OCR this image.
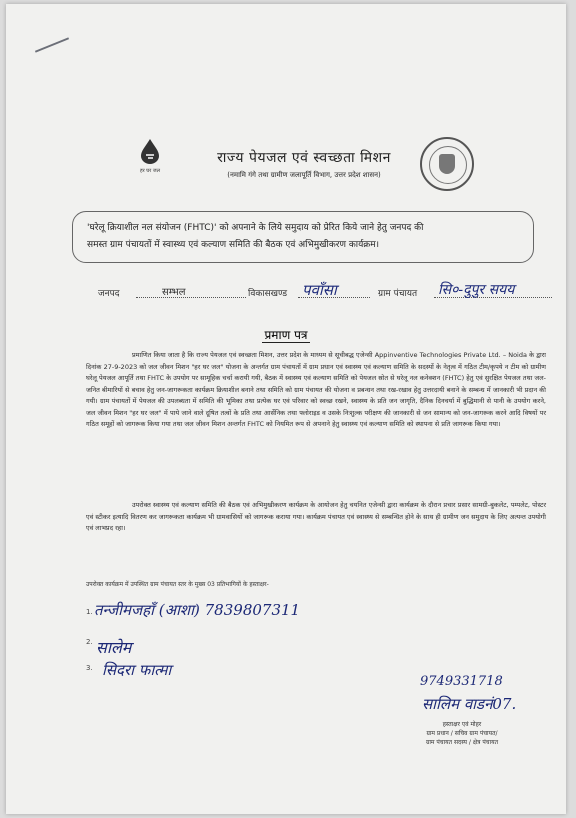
हर घर जल
राज्य पेयजल एवं स्वच्छता मिशन
(नमामि गंगे तथा ग्रामीण जलापूर्ति विभाग, उत्तर प्रदेश शासन)
'घरेलू क्रियाशील नल संयोजन (FHTC)' को अपनाने के लिये समुदाय को प्रेरित किये जाने हेतु जनपद की
समस्त ग्राम पंचायतों में स्वास्थ्य एवं कल्याण समिति की बैठक एवं अभिमुखीकरण कार्यक्रम।
जनपद	सम्भल	विकासखण्ड पवाँसा	ग्राम पंचायत सि०-दुपुर सयय
प्रमाण पत्र

प्रमाणित किया जाता है कि राज्य पेयजल एवं स्वच्छता मिशन, उत्तर प्रदेश के माध्यम से सूचीबद्ध एजेन्सी Appinventive Technologies Private Ltd. – Noida के द्वारा दिनांक 27-9-2023 को जल जीवन मिशन "हर घर जल" योजना के अन्तर्गत ग्राम पंचायतों में ग्राम प्रधान एवं स्वास्थ्य एवं कल्याण समिति के सदस्यों के नेतृत्व में गठित टीम/कृपये न टीम को ग्रामीण घरेलू पेयजल आपूर्ति तथा FHTC के उपयोग पर सामूहिक चर्चा करायी गयी, बैठक में स्वास्थ्य एवं कल्याण समिति को पेयजल स्रोत से घरेलू नल कनेक्शन (FHTC) हेतु एवं सुरक्षित पेयजल तथा जल-जनित बीमारियों से बचाव हेतु जन-जागरूकता कार्यक्रम क्रियाशील बनाने तथा समिति को ग्राम पंचायत की योजना व प्रबन्धन तथा रख-रखाव हेतु उत्तरदायी बनाने के सम्बन्ध में जानकारी भी प्रदान की गयी। ग्राम पंचायतों में पेयजल की उपलब्धता में समिति की भूमिका तथा प्रत्येक घर एवं परिवार को स्वच्छ रखने, स्वास्थ्य के प्रति जन जागृति, दैनिक दिनचर्या में बुद्धिमानी से पानी के उपयोग करने, जल जीवन मिशन "हर घर जल" में पाये जाने वाले दूषित तत्वों के प्रति तथा आर्सेनिक तथा फ्लोराइड व उसके निःशुल्क परीक्षण की जानकारी से जन सामान्य को जन-जागरूक करने आदि विषयों पर गठित समूहों को जागरूक किया गया तथा जल जीवन मिशन अन्तर्गत FHTC को नियमित रूप से अपनाने हेतु स्वास्थ्य एवं कल्याण समिति को स्थापना से प्रति जागरूक किया गया।

उपरोक्त स्वास्थ्य एवं कल्याण समिति की बैठक एवं अभिमुखीकरण कार्यक्रम के आयोजन हेतु चयनित एजेन्सी द्वारा कार्यक्रम के दौरान प्रचार प्रसार सामग्री-बुकलेट, पम्पलेट, पोस्टर एवं स्टीकर इत्यादि वितरण कर जागरूकता कार्यक्रम भी ग्रामवासियों को जागरूक कराया गया। कार्यक्रम पंचायत एवं स्वास्थ्य से सम्बन्धित होने के साथ ही ग्रामीण जन समुदाय के लिए अत्यन्त उपयोगी एवं लाभप्रद रहा।

उपरोक्त कार्यक्रम में उपस्थित ग्राम पंचायत स्तर के मुख्य 03 प्रतिभागियों के हस्ताक्षर-
1. तन्जीमजहाँ (आशा) 7839807311
2. सालेम
3. सिदरा फात्मा
9749331718
सालिम वाडनं07.
हस्ताक्षर एवं मोहर
ग्राम प्रधान / सचिव ग्राम पंचायत/
ग्राम पंचायत सदस्य / क्षेत्र पंचायत
